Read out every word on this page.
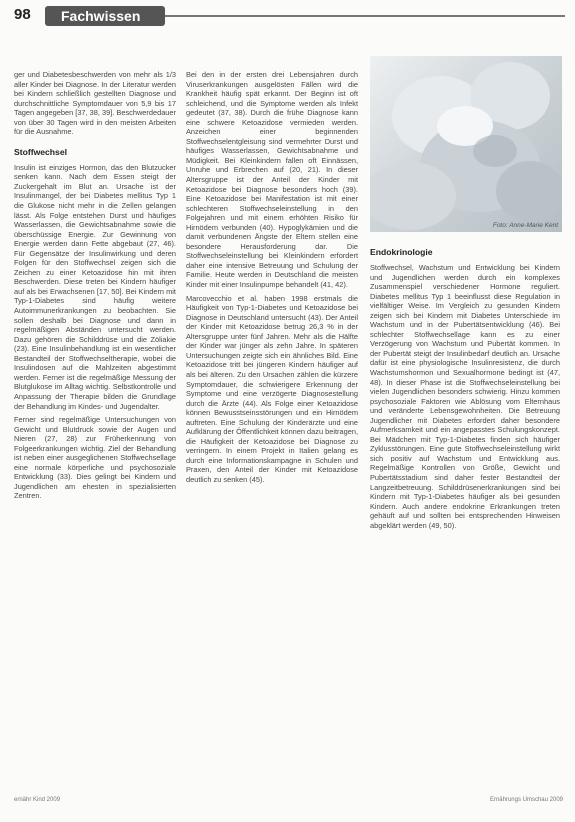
98	Fachwissen

ger und Diabetesbeschwerden von mehr als 1/3 aller Kinder bei Diagnose. In der Literatur werden bei Kindern schließlich gestellten Diagnose und durchschnittliche Symptomdauer von 5,9 bis 17 Tagen angegeben [37, 38, 39]. Beschwerdedauer von über 30 Tagen wird in den meisten Arbeiten für die Ausnahme.

Stoffwechsel

Insulin ist einziges Hormon, das den Blutzucker senken kann. Nach dem Essen steigt der Zuckergehalt im Blut an. Ursache ist der Insulinmangel, der bei Diabetes mellitus Typ 1 die Glukose nicht mehr in die Zellen gelangen lässt. Als Folge entstehen Durst und häufiges Wasserlassen, die Gewichtsabnahme sowie die überschüssige Energie. Zur Gewinnung von Energie werden dann Fette abgebaut (27, 46). Für Gegensätze der Insulinwirkung und deren Folgen für den Stoffwechsel zeigen sich die Zeichen zu einer Ketoazidose hin mit ihren Beschwerden. Diese treten bei Kindern häufiger auf als bei Erwachsenen [17, 50]. Bei Kindern mit Typ-1-Diabetes sind häufig weitere Autoimmunerkrankungen zu beobachten. Sie sollen deshalb bei Diagnose und dann in regelmäßigen Abständen untersucht werden. Dazu gehören die Schilddrüse und die Zöliakie (23). Eine Insulinbehandlung ist ein wesentlicher Bestandteil der Stoffwechseltherapie, wobei die Insulindosen auf die Mahlzeiten abgestimmt werden. Ferner ist die regelmäßige Messung der Blutglukose im Alltag wichtig. Selbstkontrolle und Anpassung der Therapie bilden die Grundlage der Behandlung im Kindes- und Jugendalter.

Ferner sind regelmäßige Untersuchungen von Gewicht und Blutdruck sowie der Augen und Nieren (27, 28) zur Früherkennung von Folgeerkrankungen wichtig. Ziel der Behandlung ist neben einer ausgeglichenen Stoffwechsellage eine normale körperliche und psychosoziale Entwicklung (33). Dies gelingt bei Kindern und Jugendlichen am ehesten in spezialisierten Zentren.

Bei den in der ersten drei Lebensjahren durch Viruserkrankungen ausgelösten Fällen wird die Krankheit häufig spät erkannt. Der Beginn ist oft schleichend, und die Symptome werden als Infekt gedeutet (37, 38). Durch die frühe Diagnose kann eine schwere Ketoazidose vermieden werden. Anzeichen einer beginnenden Stoffwechselentgleisung sind vermehrter Durst und häufiges Wasserlassen, Gewichtsabnahme und Müdigkeit. Bei Kleinkindern fallen oft Einnässen, Unruhe und Erbrechen auf (20, 21). In dieser Altersgruppe ist der Anteil der Kinder mit Ketoazidose bei Diagnose besonders hoch (39). Eine Ketoazidose bei Manifestation ist mit einer schlechteren Stoffwechseleinstellung in den Folgejahren und mit einem erhöhten Risiko für Hirnödem verbunden (40). Hypoglykämien und die damit verbundenen Ängste der Eltern stellen eine besondere Herausforderung dar. Die Stoffwechseleinstellung bei Kleinkindern erfordert daher eine intensive Betreuung und Schulung der Familie. Heute werden in Deutschland die meisten Kinder mit einer Insulinpumpe behandelt (41, 42).

Marcovecchio et al. haben 1998 erstmals die Häufigkeit von Typ-1-Diabetes und Ketoazidose bei Diagnose in Deutschland untersucht (43). Der Anteil der Kinder mit Ketoazidose betrug 26,3 % in der Altersgruppe unter fünf Jahren. Mehr als die Hälfte der Kinder war jünger als zehn Jahre. In späteren Untersuchungen zeigte sich ein ähnliches Bild. Eine Ketoazidose tritt bei jüngeren Kindern häufiger auf als bei älteren. Zu den Ursachen zählen die kürzere Symptomdauer, die schwierigere Erkennung der Symptome und eine verzögerte Diagnosestellung durch die Ärzte (44). Als Folge einer Ketoazidose können Bewusstseinsstörungen und ein Hirnödem auftreten. Eine Schulung der Kinderärzte und eine Aufklärung der Öffentlichkeit können dazu beitragen, die Häufigkeit der Ketoazidose bei Diagnose zu verringern. In einem Projekt in Italien gelang es durch eine Informationskampagne in Schulen und Praxen, den Anteil der Kinder mit Ketoazidose deutlich zu senken (45).

Foto: Anne-Marie Kent
Endokrinologie

Stoffwechsel, Wachstum und Entwicklung bei Kindern und Jugendlichen werden durch ein komplexes Zusammenspiel verschiedener Hormone reguliert. Diabetes mellitus Typ 1 beeinflusst diese Regulation in vielfältiger Weise. Im Vergleich zu gesunden Kindern zeigen sich bei Kindern mit Diabetes Unterschiede im Wachstum und in der Pubertätsentwicklung (46). Bei schlechter Stoffwechsellage kann es zu einer Verzögerung von Wachstum und Pubertät kommen. In der Pubertät steigt der Insulinbedarf deutlich an. Ursache dafür ist eine physiologische Insulinresistenz, die durch Wachstumshormon und Sexualhormone bedingt ist (47, 48). In dieser Phase ist die Stoffwechseleinstellung bei vielen Jugendlichen besonders schwierig. Hinzu kommen psychosoziale Faktoren wie Ablösung vom Elternhaus und veränderte Lebensgewohnheiten. Die Betreuung Jugendlicher mit Diabetes erfordert daher besondere Aufmerksamkeit und ein angepasstes Schulungskonzept. Bei Mädchen mit Typ-1-Diabetes finden sich häufiger Zyklusstörungen. Eine gute Stoffwechseleinstellung wirkt sich positiv auf Wachstum und Entwicklung aus. Regelmäßige Kontrollen von Größe, Gewicht und Pubertätsstadium sind daher fester Bestandteil der Langzeitbetreuung. Schilddrüsenerkrankungen sind bei Kindern mit Typ-1-Diabetes häufiger als bei gesunden Kindern. Auch andere endokrine Erkrankungen treten gehäuft auf und sollten bei entsprechenden Hinweisen abgeklärt werden (49, 50).

ernähr Kind 2009	Ernährungs Umschau 2009
